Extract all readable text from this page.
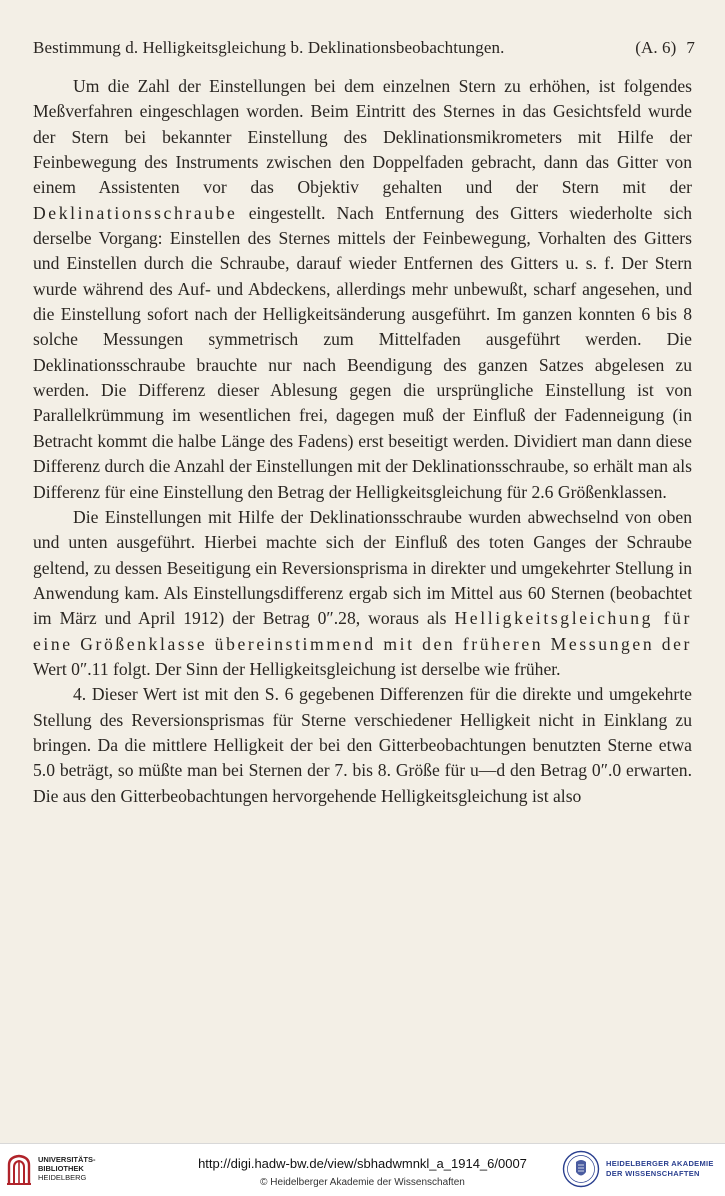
Bestimmung d. Helligkeitsgleichung b. Deklinationsbeobachtungen.	(A. 6) 7

Um die Zahl der Einstellungen bei dem einzelnen Stern zu erhöhen, ist folgendes Meßverfahren eingeschlagen worden. Beim Eintritt des Sternes in das Gesichtsfeld wurde der Stern bei bekannter Einstellung des Deklinationsmikrometers mit Hilfe der Feinbewegung des Instruments zwischen den Doppelfaden gebracht, dann das Gitter von einem Assistenten vor das Objektiv gehalten und der Stern mit der Deklinationsschraube eingestellt. Nach Entfernung des Gitters wiederholte sich derselbe Vorgang: Einstellen des Sternes mittels der Feinbewegung, Vorhalten des Gitters und Einstellen durch die Schraube, darauf wieder Entfernen des Gitters u. s. f. Der Stern wurde während des Auf- und Abdeckens, allerdings mehr unbewußt, scharf angesehen, und die Einstellung sofort nach der Helligkeitsänderung ausgeführt. Im ganzen konnten 6 bis 8 solche Messungen symmetrisch zum Mittelfaden ausgeführt werden. Die Deklinationsschraube brauchte nur nach Beendigung des ganzen Satzes abgelesen zu werden. Die Differenz dieser Ablesung gegen die ursprüngliche Einstellung ist von Parallelkrümmung im wesentlichen frei, dagegen muß der Einfluß der Fadenneigung (in Betracht kommt die halbe Länge des Fadens) erst beseitigt werden. Dividiert man dann diese Differenz durch die Anzahl der Einstellungen mit der Deklinationsschraube, so erhält man als Differenz für eine Einstellung den Betrag der Helligkeitsgleichung für 2.6 Größenklassen.

Die Einstellungen mit Hilfe der Deklinationsschraube wurden abwechselnd von oben und unten ausgeführt. Hierbei machte sich der Einfluß des toten Ganges der Schraube geltend, zu dessen Beseitigung ein Reversionsprisma in direkter und umgekehrter Stellung in Anwendung kam. Als Einstellungsdifferenz ergab sich im Mittel aus 60 Sternen (beobachtet im März und April 1912) der Betrag 0″.28, woraus als Helligkeitsgleichung für eine Größenklasse übereinstimmend mit den früheren Messungen der Wert 0″.11 folgt. Der Sinn der Helligkeitsgleichung ist derselbe wie früher.

4. Dieser Wert ist mit den S. 6 gegebenen Differenzen für die direkte und umgekehrte Stellung des Reversionsprismas für Sterne verschiedener Helligkeit nicht in Einklang zu bringen. Da die mittlere Helligkeit der bei den Gitterbeobachtungen benutzten Sterne etwa 5.0 beträgt, so müßte man bei Sternen der 7. bis 8. Größe für u—d den Betrag 0″.0 erwarten. Die aus den Gitterbeobachtungen hervorgehende Helligkeitsgleichung ist also

UNIVERSITÄTS-
BIBLIOTHEK
HEIDELBERG
http://digi.hadw-bw.de/view/sbhadwmnkl_a_1914_6/0007
© Heidelberger Akademie der Wissenschaften
HEIDELBERGER AKADEMIE
DER WISSENSCHAFTEN
